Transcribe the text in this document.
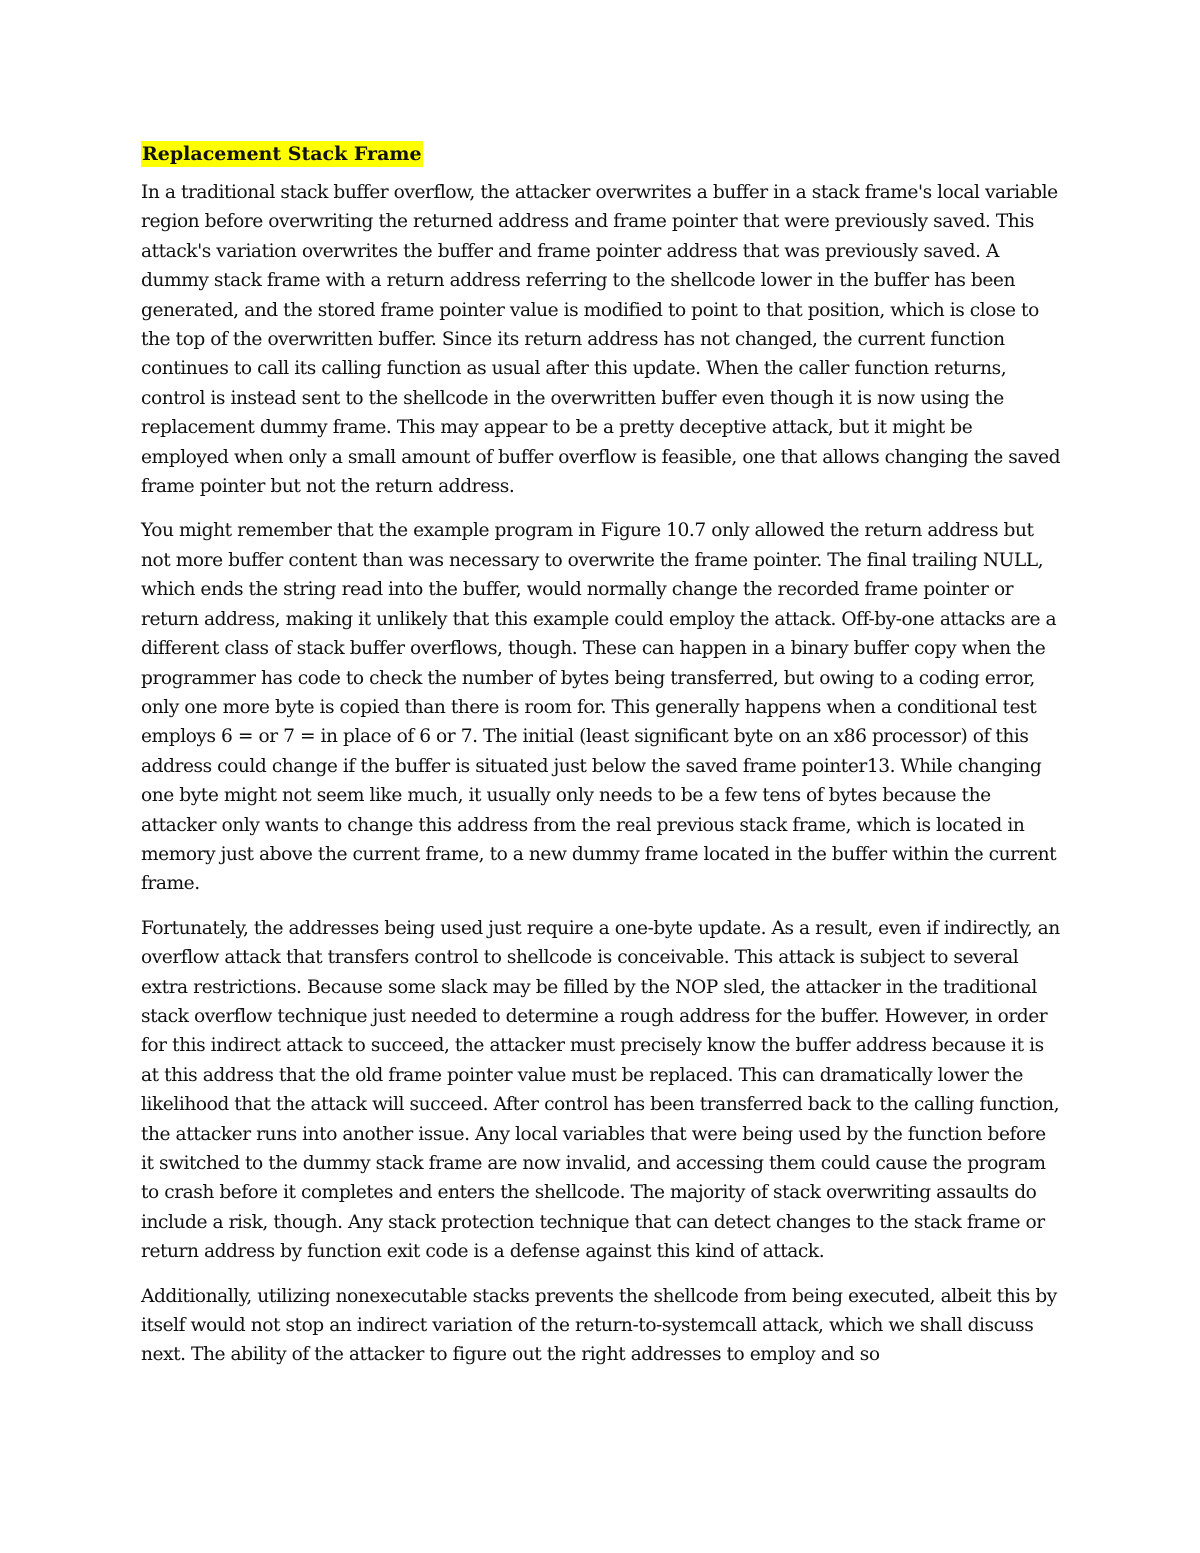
Replacement Stack Frame

In a traditional stack buffer overflow, the attacker overwrites a buffer in a stack frame's local variable region before overwriting the returned address and frame pointer that were previously saved. This attack's variation overwrites the buffer and frame pointer address that was previously saved. A dummy stack frame with a return address referring to the shellcode lower in the buffer has been generated, and the stored frame pointer value is modified to point to that position, which is close to the top of the overwritten buffer. Since its return address has not changed, the current function continues to call its calling function as usual after this update. When the caller function returns, control is instead sent to the shellcode in the overwritten buffer even though it is now using the replacement dummy frame. This may appear to be a pretty deceptive attack, but it might be employed when only a small amount of buffer overflow is feasible, one that allows changing the saved frame pointer but not the return address.

You might remember that the example program in Figure 10.7 only allowed the return address but not more buffer content than was necessary to overwrite the frame pointer. The final trailing NULL, which ends the string read into the buffer, would normally change the recorded frame pointer or return address, making it unlikely that this example could employ the attack. Off-by-one attacks are a different class of stack buffer overflows, though. These can happen in a binary buffer copy when the programmer has code to check the number of bytes being transferred, but owing to a coding error, only one more byte is copied than there is room for. This generally happens when a conditional test employs 6 = or 7 = in place of 6 or 7. The initial (least significant byte on an x86 processor) of this address could change if the buffer is situated just below the saved frame pointer13. While changing one byte might not seem like much, it usually only needs to be a few tens of bytes because the attacker only wants to change this address from the real previous stack frame, which is located in memory just above the current frame, to a new dummy frame located in the buffer within the current frame.

Fortunately, the addresses being used just require a one-byte update. As a result, even if indirectly, an overflow attack that transfers control to shellcode is conceivable. This attack is subject to several extra restrictions. Because some slack may be filled by the NOP sled, the attacker in the traditional stack overflow technique just needed to determine a rough address for the buffer. However, in order for this indirect attack to succeed, the attacker must precisely know the buffer address because it is at this address that the old frame pointer value must be replaced. This can dramatically lower the likelihood that the attack will succeed. After control has been transferred back to the calling function, the attacker runs into another issue. Any local variables that were being used by the function before it switched to the dummy stack frame are now invalid, and accessing them could cause the program to crash before it completes and enters the shellcode. The majority of stack overwriting assaults do include a risk, though. Any stack protection technique that can detect changes to the stack frame or return address by function exit code is a defense against this kind of attack.

Additionally, utilizing nonexecutable stacks prevents the shellcode from being executed, albeit this by itself would not stop an indirect variation of the return-to-systemcall attack, which we shall discuss next. The ability of the attacker to figure out the right addresses to employ and so
